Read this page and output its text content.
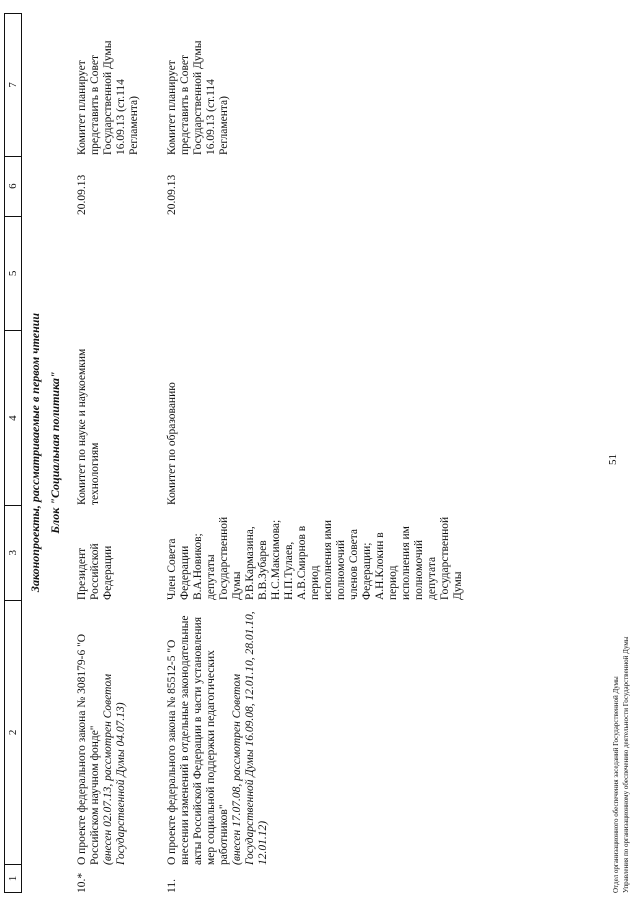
51
1
2
3
4
5
6
7
Законопроекты, рассматриваемые в первом чтении Блок "Социальная политика"
10.*
О проекте федерального закона № 308179-6 "О Российском научном фонде"
(внесен 02.07.13, рассмотрен Советом Государственной Думы 04.07.13)
Президент Российской Федерации
Комитет по науке и наукоемким технологиям
20.09.13
Комитет планирует представить в Совет Государственной Думы 16.09.13 (ст.114 Регламента)
11.
О проекте федерального закона № 85512-5 "О внесении изменений в отдельные законодательные акты Российской Федерации в части установления мер социальной поддержки педагогических работников"
(внесен 17.07.08, рассмотрен Советом Государственной Думы 16.09.08, 12.01.10, 28.01.10, 12.01.12)
Член Совета Федерации В.А.Новиков; депутаты Государственной Думы Р.В.Кармазина, В.В.Зубарев Н.С.Максимова; Н.П.Тулаев, А.В.Смирнов в период исполнения ими полномочий членов Совета Федерации; А.Н.Клокин в период исполнения им полномочий депутата Государственной Думы
Комитет по образованию
20.09.13
Комитет планирует представить в Совет Государственной Думы 16.09.13 (ст.114 Регламента)
Отдел организационного обеспечения заседаний Государственной Думы Управления по организационному обеспечению деятельности Государственной Думы
